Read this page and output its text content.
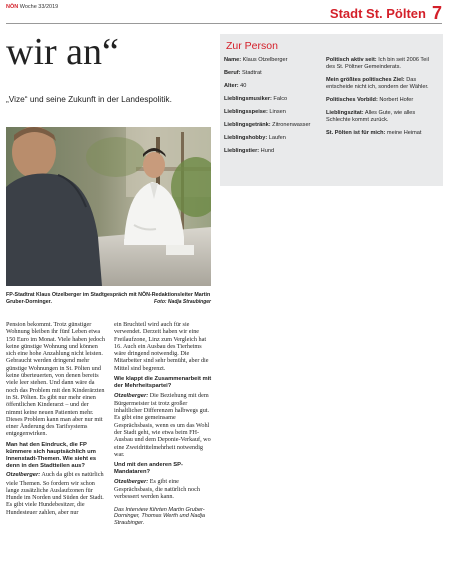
NÖN Woche 33/2019	Stadt St. Pölten 7
wir an“
„Vize“ und seine Zukunft in der Landespolitik.
FP-Stadtrat Klaus Otzelberger im Stadtgespräch mit NÖN-Redaktionsleiter Martin Gruber-Dorninger.	Foto: Nadja Straubinger

Pension bekommt. Trotz günstiger Wohnung bleiben ihr fünf Leben etwa 150 Euro im Monat. Viele haben jedoch keine günstige Wohnung und können sich eine hohe Anzahlung nicht leisten. Gebraucht werden dringend mehr günstige Wohnungen in St. Pölten und keine überteuerten, von denen bereits viele leer stehen. Und dann wäre da noch das Problem mit den Kinderärzten in St. Pölten. Es gibt nur mehr einen öffentlichen Kinderarzt – und der nimmt keine neuen Patienten mehr. Dieses Problem kann man aber nur mit einer Änderung des Tarifsystems entgegenwirken.

Man hat den Eindruck, die FP kümmere sich hauptsächlich um Innenstadt-Themen. Wie sieht es denn in den Stadtteilen aus?

Otzelberger: Auch da gibt es natürlich viele Themen. So fordern wir schon lange zusätzliche Auslaufzonen für Hunde im Norden und Süden der Stadt. Es gibt viele Hundebesitzer, die Hundesteuer zahlen, aber nur

ein Bruchteil wird auch für sie verwendet. Derzeit haben wir eine Freilaufzone, Linz zum Vergleich hat 16. Auch ein Ausbau des Tierheims wäre dringend notwendig. Die Mitarbeiter sind sehr bemüht, aber die Mittel sind begrenzt.

Wie klappt die Zusammenarbeit mit der Mehrheitspartei?

Otzelberger: Die Beziehung mit dem Bürgermeister ist trotz großer inhaltlicher Differenzen halbwegs gut. Es gibt eine gemeinsame Gesprächsbasis, wenn es um das Wohl der Stadt geht, wie etwa beim FH-Ausbau und dem Deponie-Verkauf, wo eine Zweidrittelmehrheit notwendig war.

Und mit den anderen SP-Mandataren?

Otzelberger: Es gibt eine Gesprächsbasis, die natürlich noch verbessert werden kann.

Das Interview führten Martin Gruber-Dorninger, Thomas Werth und Nadja Straubinger.

Zur Person
Name: Klaus Otzelberger
Beruf: Stadtrat
Alter: 40
Lieblingsmusiker: Falco
Lieblingsspeise: Linsen
Lieblingsgetränk: Zitronenwasser
Lieblingshobby: Laufen
Lieblingstier: Hund
Politisch aktiv seit: Ich bin seit 2006 Teil des St. Pöltner Gemeinderats.
Mein größtes politisches Ziel: Das entscheide nicht ich, sondern der Wähler.
Politisches Vorbild: Norbert Hofer
Lieblingszitat: Alles Gute, wie alles Schlechte kommt zurück.
St. Pölten ist für mich: meine Heimat
